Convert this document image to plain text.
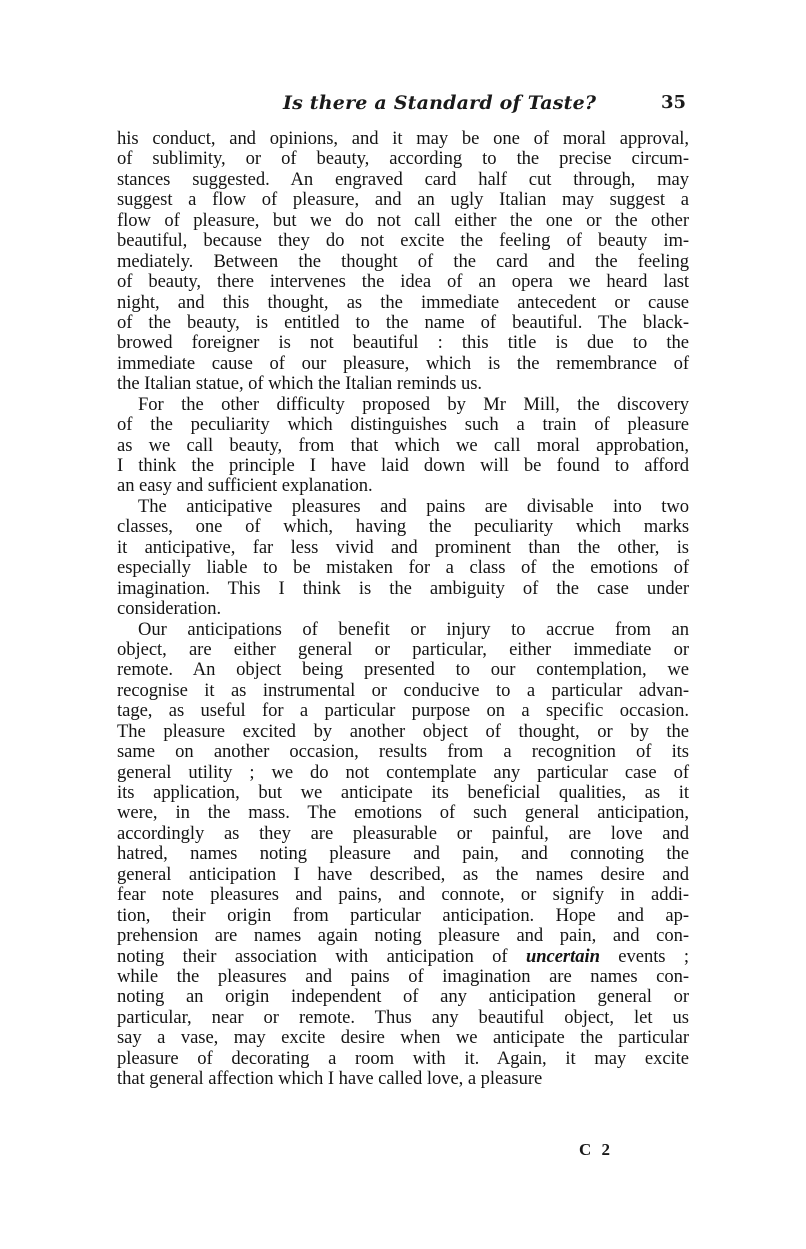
Is there a Standard of Taste?	35
his conduct, and opinions, and it may be one of moral approval,
of sublimity, or of beauty, according to the precise circum-
stances suggested. An engraved card half cut through, may
suggest a flow of pleasure, and an ugly Italian may suggest a
flow of pleasure, but we do not call either the one or the other
beautiful, because they do not excite the feeling of beauty im-
mediately. Between the thought of the card and the feeling
of beauty, there intervenes the idea of an opera we heard last
night, and this thought, as the immediate antecedent or cause
of the beauty, is entitled to the name of beautiful. The black-
browed foreigner is not beautiful : this title is due to the
immediate cause of our pleasure, which is the remembrance of
the Italian statue, of which the Italian reminds us.
For the other difficulty proposed by Mr Mill, the discovery
of the peculiarity which distinguishes such a train of pleasure
as we call beauty, from that which we call moral approbation,
I think the principle I have laid down will be found to afford
an easy and sufficient explanation.
The anticipative pleasures and pains are divisable into two
classes, one of which, having the peculiarity which marks
it anticipative, far less vivid and prominent than the other, is
especially liable to be mistaken for a class of the emotions of
imagination. This I think is the ambiguity of the case under
consideration.
Our anticipations of benefit or injury to accrue from an
object, are either general or particular, either immediate or
remote. An object being presented to our contemplation, we
recognise it as instrumental or conducive to a particular advan-
tage, as useful for a particular purpose on a specific occasion.
The pleasure excited by another object of thought, or by the
same on another occasion, results from a recognition of its
general utility ; we do not contemplate any particular case of
its application, but we anticipate its beneficial qualities, as it
were, in the mass. The emotions of such general anticipation,
accordingly as they are pleasurable or painful, are love and
hatred, names noting pleasure and pain, and connoting the
general anticipation I have described, as the names desire and
fear note pleasures and pains, and connote, or signify in addi-
tion, their origin from particular anticipation. Hope and ap-
prehension are names again noting pleasure and pain, and con-
noting their association with anticipation of uncertain events ;
while the pleasures and pains of imagination are names con-
noting an origin independent of any anticipation general or
particular, near or remote. Thus any beautiful object, let us
say a vase, may excite desire when we anticipate the particular
pleasure of decorating a room with it. Again, it may excite
that general affection which I have called love, a pleasure
C 2
